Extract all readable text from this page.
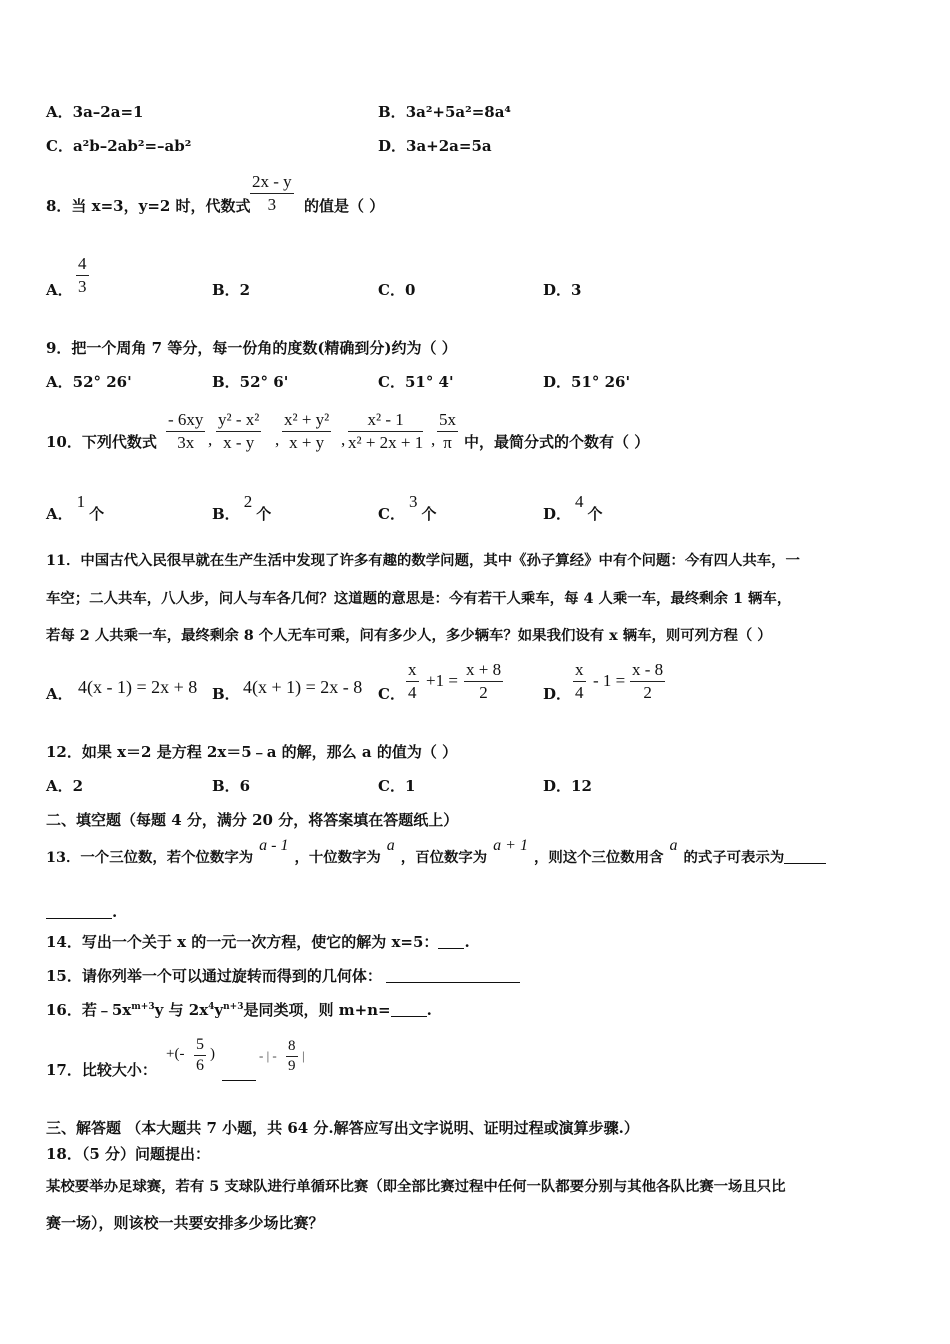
A．3a–2a=1	B．3a²+5a²=8a⁴
C．a²b–2ab²=–ab²	D．3a+2a=5a
8．当 x=3，y=2 时，代数式 $\frac{2x - y}{3}$ 的值是（ ）
A． $\frac{4}{3}$	B．2	C．0	D．3
9．把一个周角 7 等分，每一份角的度数(精确到分)约为（ ）
A．52° 26'	B．52° 6'	C．51° 4'	D．51° 26'
10．下列代数式 $\frac{- 6xy}{3x}$ , $\frac{\text{y² - x²}}{x - y}$ , $\frac{\text{x² + y²}}{x + y}$ , $\frac{\text{x² - 1}}{\text{x² + 2x + 1}}$ , $\frac{5x}{\pi}$ 中，最简分式的个数有（ ）
A．1个	B．2个	C．3个	D．4个
11．中国古代入民很早就在生产生活中发现了许多有趣的数学问题，其中《孙子算经》中有个问题：今有四人共车，一
车空；二人共车，八人步，问人与车各几何？这道题的意思是：今有若干人乘车，每 4 人乘一车，最终剩余 1 辆车，
若每 2 人共乘一车，最终剩余 8 个人无车可乘，问有多少人，多少辆车？如果我们设有 x 辆车，则可列方程（ ）
A． 4(x - 1) = 2x + 8 B． 4(x + 1) = 2x - 8 C． $\frac{x}{4} +1 = \frac{x + 8}{2}$	D． $\frac{x}{4} - 1 = \frac{x - 8}{2}$
12．如果 x＝2 是方程 2x＝5﹣a 的解，那么 a 的值为（ ）
A．2	B．6	C．1	D．12
二、填空题（每题 4 分，满分 20 分，将答案填在答题纸上）
13．一个三位数，若个位数字为a - 1，十位数字为a，百位数字为a + 1，则这个三位数用含a的式子可表示为
.
14．写出一个关于 x 的一元一次方程，使它的解为 x=5： .
15．请你列举一个可以通过旋转而得到的几何体：
16．若$﹣5x^{m+3}y$ 与 $2x^4y^{n+3}$是同类项，则 m+n= .
17．比较大小：
+(- $\frac{5}{6}$ )	- | - $\frac{8}{9}$ |
三、解答题 （本大题共 7 小题，共 64 分.解答应写出文字说明、证明过程或演算步骤.）
18．（5 分）问题提出：
某校要举办足球赛，若有 5 支球队进行单循环比赛（即全部比赛过程中任何一队都要分别与其他各队比赛一场且只比
赛一场），则该校一共要安排多少场比赛？
